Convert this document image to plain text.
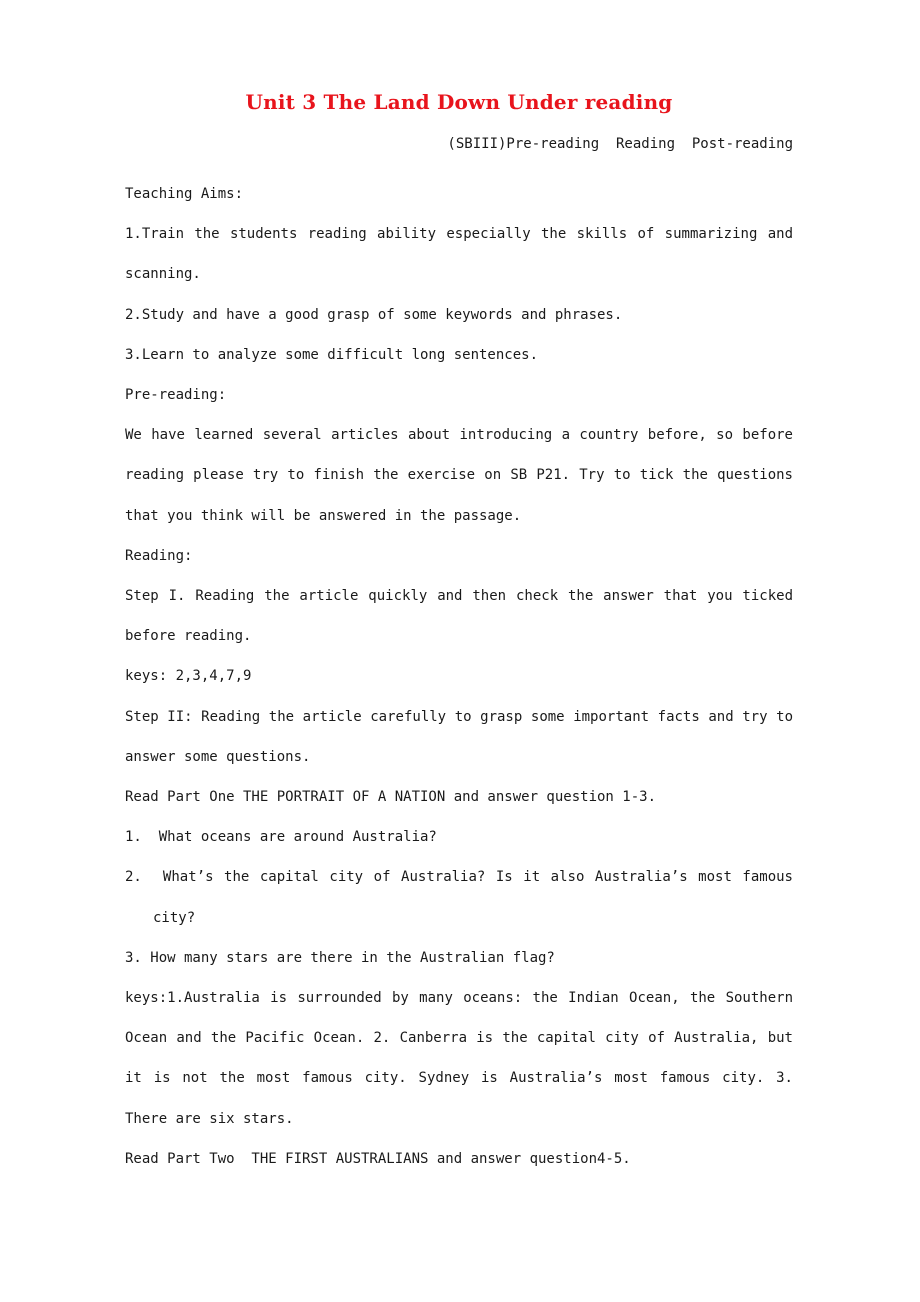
Unit 3 The Land Down Under reading
(SBIII)Pre-reading  Reading  Post-reading

Teaching Aims:

1.Train the students reading ability especially the skills of summarizing and scanning.

2.Study and have a good grasp of some keywords and phrases.

3.Learn to analyze some difficult long sentences.

Pre-reading:

We have learned several articles about introducing a country before, so before reading please try to finish the exercise on SB P21. Try to tick the questions that you think will be answered in the passage.

Reading:

Step I. Reading the article quickly and then check the answer that you ticked before reading.

keys: 2,3,4,7,9

Step II: Reading the article carefully to grasp some important facts and try to answer some questions.

Read Part One THE PORTRAIT OF A NATION and answer question 1-3.

1.  What oceans are around Australia?

2.  What’s the capital city of Australia? Is it also Australia’s most famous city?

3. How many stars are there in the Australian flag?

keys:1.Australia is surrounded by many oceans: the Indian Ocean, the Southern Ocean and the Pacific Ocean. 2. Canberra is the capital city of Australia, but it is not the most famous city. Sydney is Australia’s most famous city. 3. There are six stars.

Read Part Two  THE FIRST AUSTRALIANS and answer question4-5.
